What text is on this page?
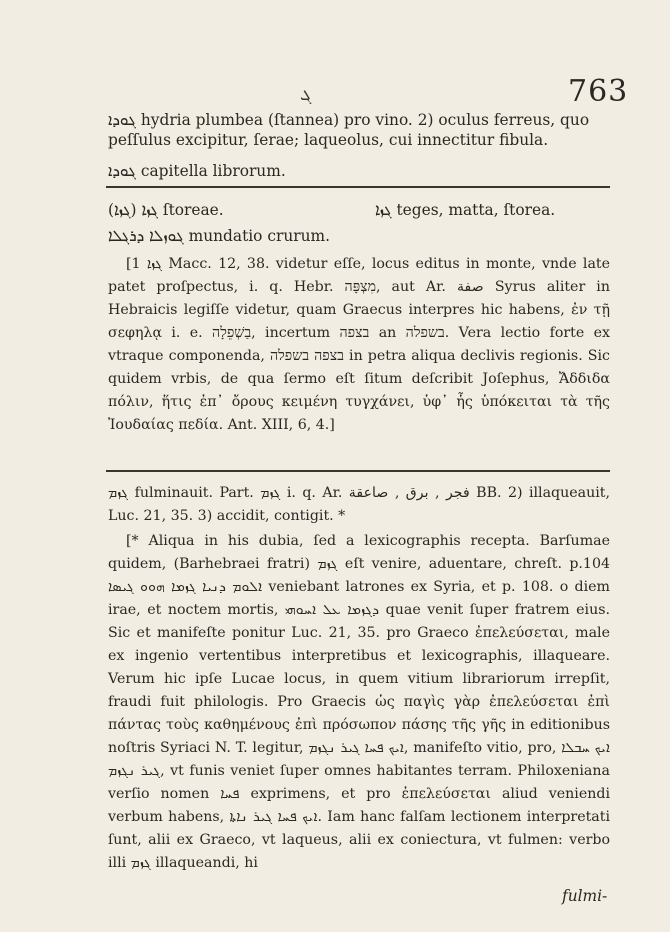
ܓ	763
ܓܘܕܐ hydria plumbea (ſtannea) pro vino. 2) oculus ferreus, quo peſſulus excipitur, ſerae; laqueolus, cui innectitur fibula.
ܓܘܕܐ capitella librorum.
(ܓܙܐ) ܓܙܐ ſtoreae.	ܓܙܐ teges, matta, ſtorea.
ܓܘܙܠܐ ܕܪܓܠܐ mundatio crurum.

[ܓܙܐ 1 Macc. 12, 38. videtur eſſe, locus editus in monte, vnde late patet proſpectus, i. q. Hebr. מִצְפָּה, aut Ar. ﺻﻔﺔ Syrus aliter in Hebraicis legiſſe videtur, quam Graecus interpres hic habens, ἐν τῇ σεφηλᾳ i. e. בַשְׁפֵלָה, incertum בצפה an בשפלה. Vera lectio forte ex vtraque componenda, בצפה בשפלה in petra aliqua declivis regionis. Sic quidem vrbis, de qua ſermo eſt ſitum deſcribit Joſephus, Ἄδδιδα πόλιν, ἥτις ἐπ᾽ ὄρους κειμένη τυγχάνει, ὑφ᾽ ἧς ὑπόκειται τὰ τῆς Ἰουδαίας πεδία. Ant. XIII, 6, 4.]

ܓܙܡ fulminauit. Part. ܓܙܡ i. q. Ar. ﻓﺠﺮ , ﺑﺮﻕ , ﺻﺎﻋﻘﺔ BB. 2) illaqueauit, Luc. 21, 35. 3) accidit, contigit. *

[* Aliqua in his dubia, ſed a lexicographis recepta. Barſumae quidem, (Barhebraei fratri) ܓܙܡ eſt venire, aduentare, chreſt. p.104 ܐܠܘܡ ܕܢܝܐ ܓܙܡܐ ܗܘܘ ܓܝܣܐ veniebant latrones ex Syria, et p. 108. o diem irae, et noctem mortis, ܕܓܙܡܐ ܥܠ ܐܚܘܗܝ quae venit ſuper fratrem eius. Sic et manifeſte ponitur Luc. 21, 35. pro Graeco ἐπελεύσεται, male ex ingenio vertentibus interpretibus et lexicographis, illaqueare. Verum hic ipſe Lucae locus, in quem vitium librariorum irrepſit, fraudi fuit philologis. Pro Graecis ὡς παγὶς γὰρ ἐπελεύσεται ἐπὶ πάντας τοὺς καθημένους ἐπὶ πρόσωπον πάσης τῆς γῆς in editionibus noſtris Syriaci N. T. legitur, ܐܝܟ ܦܚܐ ܓܝܪ ܢܓܙܡ, manifeſto vitio, pro, ܐܝܟ ܚܒܠܐ ܓܝܪ ܢܓܙܡ, vt funis veniet ſuper omnes habitantes terram. Philoxeniana verſio nomen ܦܚܐ exprimens, et pro ἐπελεύσεται aliud veniendi verbum habens, ܐܝܟ ܦܚܐ ܓܝܪ ܢܐܬܐ. Iam hanc falſam lectionem interpretati ſunt, alii ex Graeco, vt laqueus, alii ex coniectura, vt fulmen: verbo illi ܓܙܡ illaqueandi, hi

fulmi-
